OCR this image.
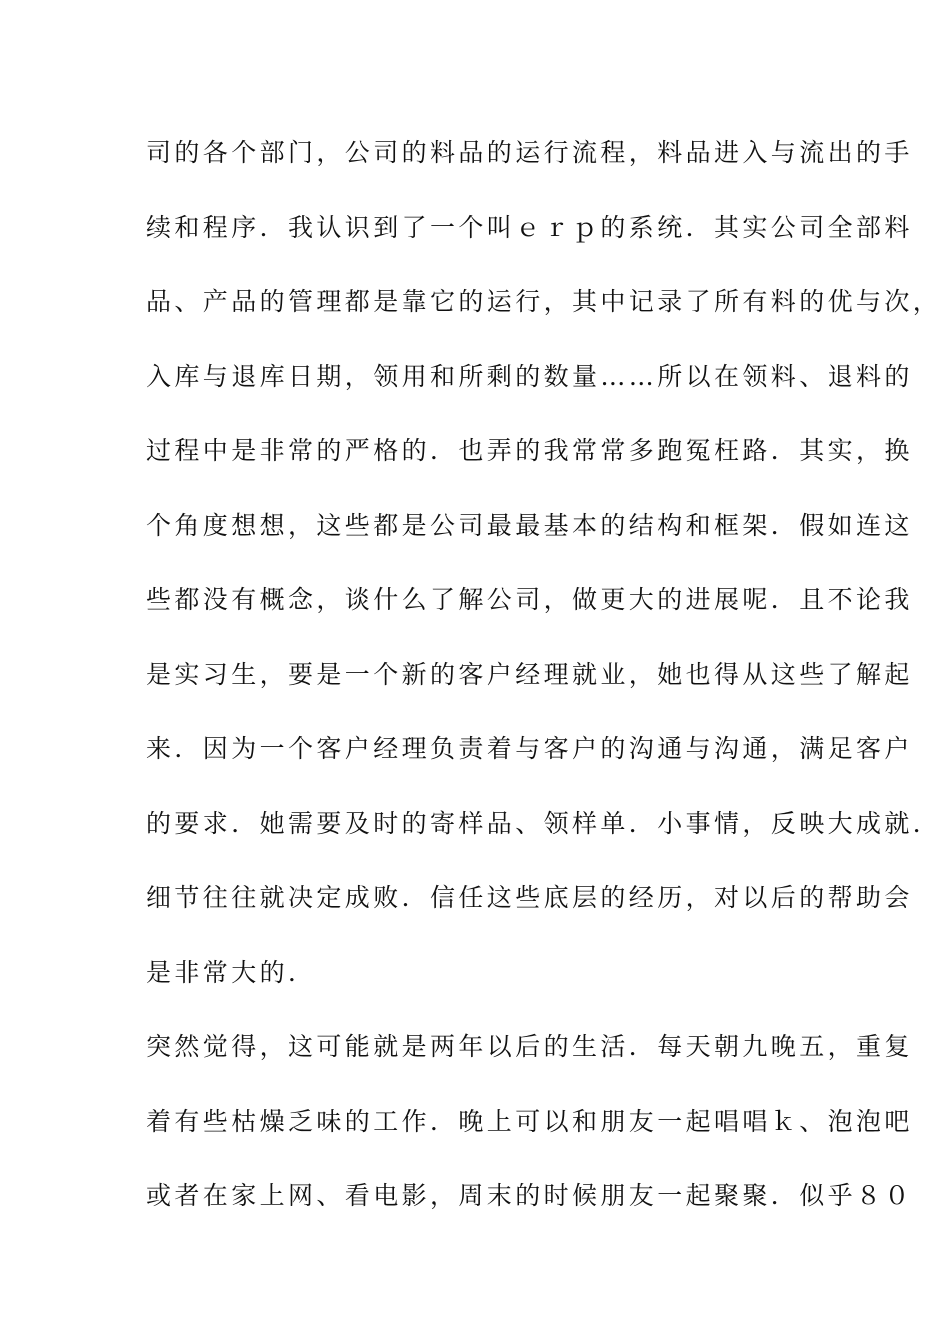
司的各个部门，公司的料品的运行流程，料品进入与流出的手
续和程序．我认识到了一个叫ｅｒｐ的系统．其实公司全部料
品、产品的管理都是靠它的运行，其中记录了所有料的优与次，
入库与退库日期，领用和所剩的数量……所以在领料、退料的
过程中是非常的严格的．也弄的我常常多跑冤枉路．其实，换
个角度想想，这些都是公司最最基本的结构和框架．假如连这
些都没有概念，谈什么了解公司，做更大的进展呢．且不论我
是实习生，要是一个新的客户经理就业，她也得从这些了解起
来．因为一个客户经理负责着与客户的沟通与沟通，满足客户
的要求．她需要及时的寄样品、领样单．小事情，反映大成就．
细节往往就决定成败．信任这些底层的经历，对以后的帮助会
是非常大的．
突然觉得，这可能就是两年以后的生活．每天朝九晚五，重复
着有些枯燥乏味的工作．晚上可以和朋友一起唱唱ｋ、泡泡吧
或者在家上网、看电影，周末的时候朋友一起聚聚．似乎８０
